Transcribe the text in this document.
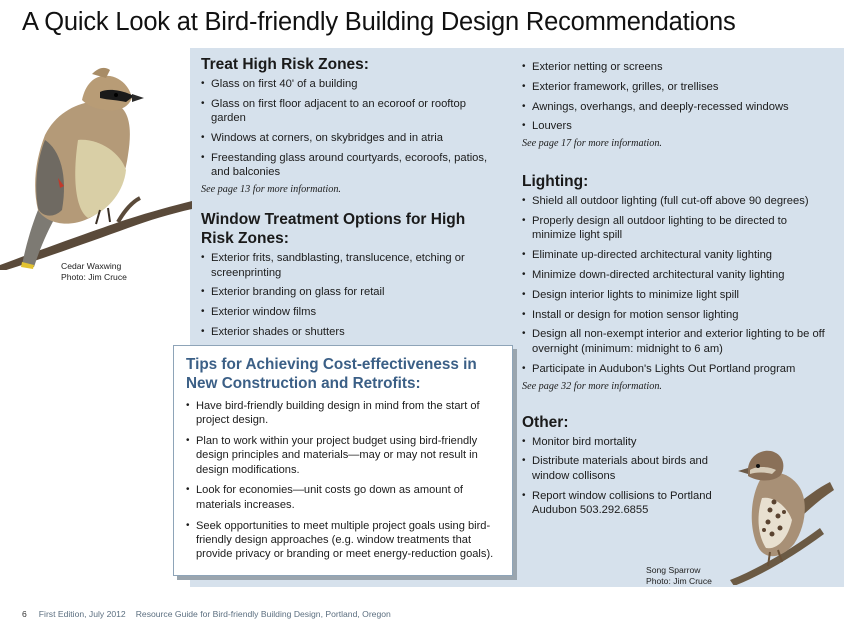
A Quick Look at Bird-friendly Building Design Recommendations
Cedar Waxwing
Photo: Jim Cruce
Treat High Risk Zones:
• Glass on first 40' of a building
• Glass on first floor adjacent to an ecoroof or rooftop garden
• Windows at corners, on skybridges and in atria
• Freestanding glass around courtyards, ecoroofs, patios, and balconies
See page 13 for more information.
Window Treatment Options for High Risk Zones:
• Exterior frits, sandblasting, translucence, etching or screenprinting
• Exterior branding on glass for retail
• Exterior window films
• Exterior shades or shutters
•
• Exterior netting or screens
• Exterior framework, grilles, or trellises
• Awnings, overhangs, and deeply-recessed windows
• Louvers
See page 17 for more information.
Lighting:
• Shield all outdoor lighting (full cut-off above 90 degrees)
• Properly design all outdoor lighting to be directed to minimize light spill
• Eliminate up-directed architectural vanity lighting
• Minimize down-directed architectural vanity lighting
• Design interior lights to minimize light spill
• Install or design for motion sensor lighting
• Design all non-exempt interior and exterior lighting to be off overnight (minimum: midnight to 6 am)
• Participate in Audubon's Lights Out Portland program
See page 32 for more information.
Other:
• Monitor bird mortality
• Distribute materials about birds and window collisons
• Report window collisions to Portland Audubon 503.292.6855
Song Sparrow
Photo: Jim Cruce
Tips for Achieving Cost-effectiveness in New Construction and Retrofits:
• Have bird-friendly building design in mind from the start of project design.
• Plan to work within your project budget using bird-friendly design principles and materials—may or may not result in design modifications.
• Look for economies—unit costs go down as amount of materials increases.
• Seek opportunities to meet multiple project goals using bird-friendly design approaches (e.g. window treatments that provide privacy or branding or meet energy-reduction goals).
6 First Edition, July 2012 Resource Guide for Bird-friendly Building Design, Portland, Oregon
